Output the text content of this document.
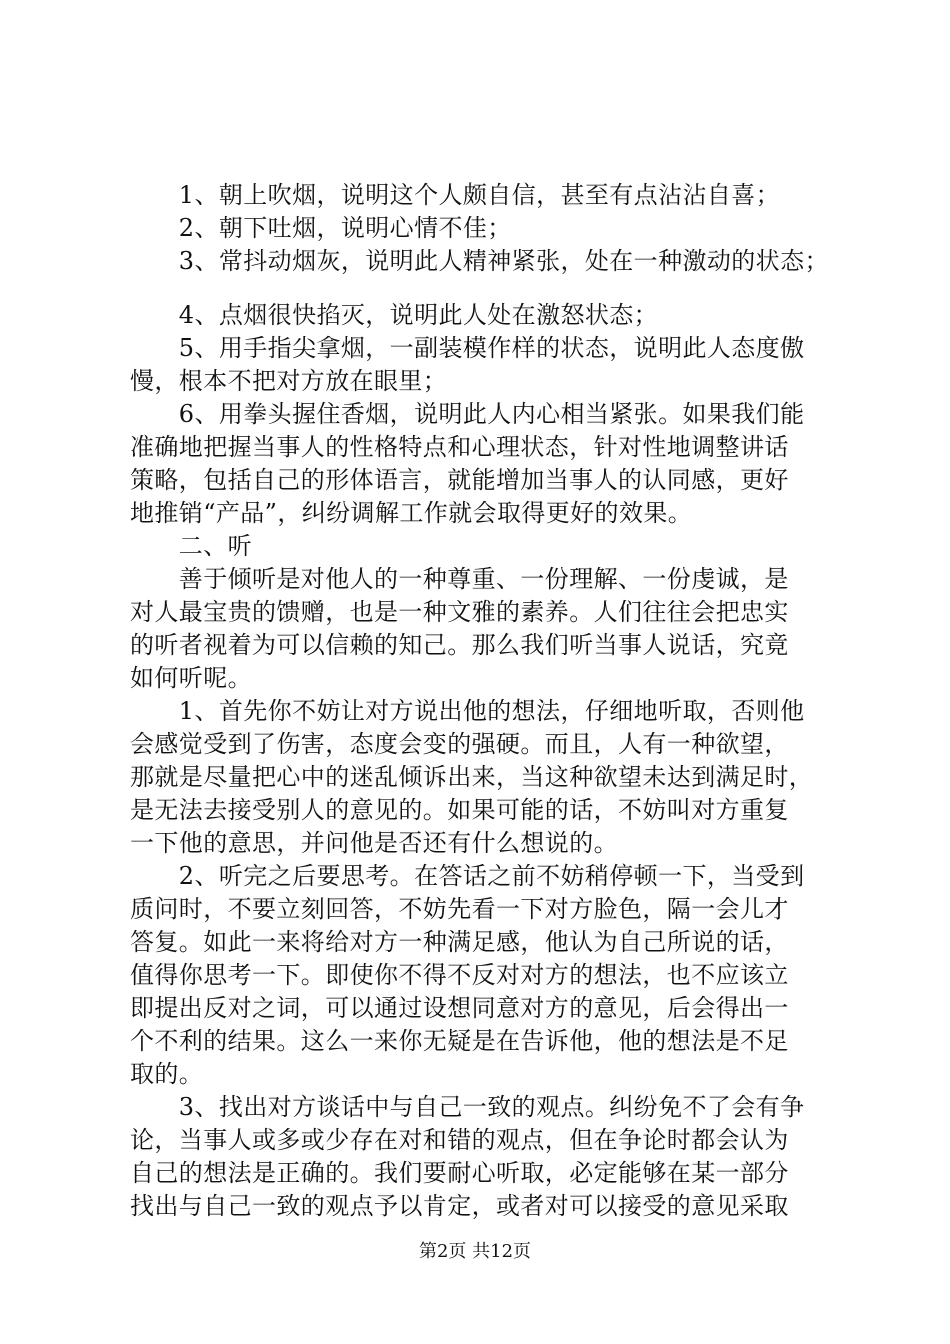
　　1、朝上吹烟，说明这个人颇自信，甚至有点沾沾自喜；
　　2、朝下吐烟，说明心情不佳；
　　3、常抖动烟灰，说明此人精神紧张，处在一种激动的状态；
　　4、点烟很快掐灭，说明此人处在激怒状态；
　　5、用手指尖拿烟，一副装模作样的状态，说明此人态度傲
慢，根本不把对方放在眼里；
　　6、用拳头握住香烟，说明此人内心相当紧张。如果我们能
准确地把握当事人的性格特点和心理状态，针对性地调整讲话
策略，包括自己的形体语言，就能增加当事人的认同感，更好
地推销“产品”，纠纷调解工作就会取得更好的效果。
　　二、听
　　善于倾听是对他人的一种尊重、一份理解、一份虔诚，是
对人最宝贵的馈赠，也是一种文雅的素养。人们往往会把忠实
的听者视着为可以信赖的知己。那么我们听当事人说话，究竟
如何听呢。
　　1、首先你不妨让对方说出他的想法，仔细地听取，否则他
会感觉受到了伤害，态度会变的强硬。而且，人有一种欲望，
那就是尽量把心中的迷乱倾诉出来，当这种欲望未达到满足时，
是无法去接受别人的意见的。如果可能的话，不妨叫对方重复
一下他的意思，并问他是否还有什么想说的。
　　2、听完之后要思考。在答话之前不妨稍停顿一下，当受到
质问时，不要立刻回答，不妨先看一下对方脸色，隔一会儿才
答复。如此一来将给对方一种满足感，他认为自己所说的话，
值得你思考一下。即使你不得不反对对方的想法，也不应该立
即提出反对之词，可以通过设想同意对方的意见，后会得出一
个不利的结果。这么一来你无疑是在告诉他，他的想法是不足
取的。
　　3、找出对方谈话中与自己一致的观点。纠纷免不了会有争
论，当事人或多或少存在对和错的观点，但在争论时都会认为
自己的想法是正确的。我们要耐心听取，必定能够在某一部分
找出与自己一致的观点予以肯定，或者对可以接受的意见采取
第2页 共12页
